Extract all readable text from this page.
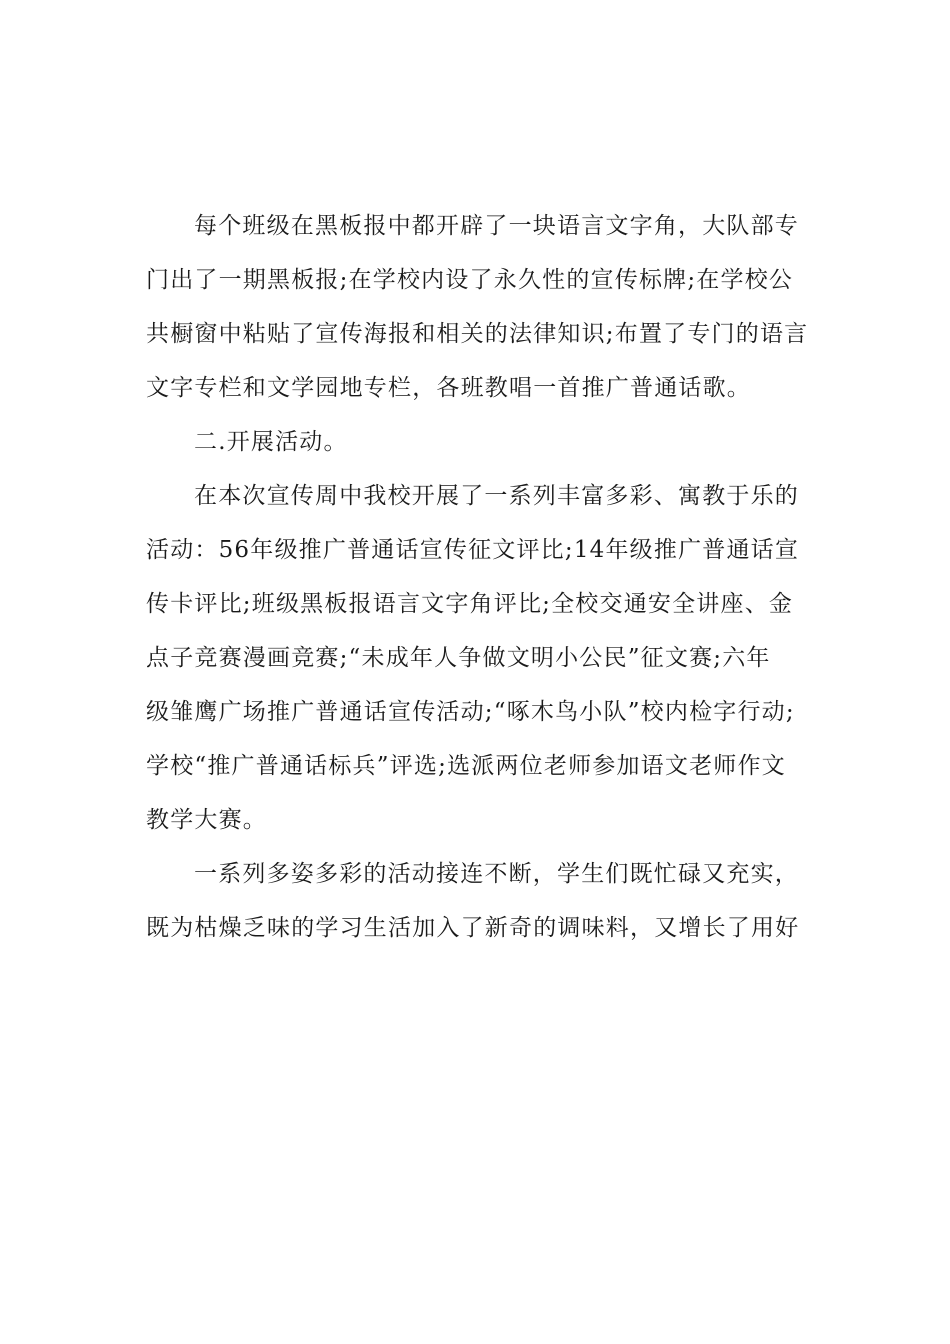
每个班级在黑板报中都开辟了一块语言文字角，大队部专
门出了一期黑板报;在学校内设了永久性的宣传标牌;在学校公
共橱窗中粘贴了宣传海报和相关的法律知识;布置了专门的语言
文字专栏和文学园地专栏，各班教唱一首推广普通话歌。

二.开展活动。

在本次宣传周中我校开展了一系列丰富多彩、寓教于乐的
活动：56年级推广普通话宣传征文评比;14年级推广普通话宣
传卡评比;班级黑板报语言文字角评比;全校交通安全讲座、金
点子竞赛漫画竞赛;“未成年人争做文明小公民”征文赛;六年
级雏鹰广场推广普通话宣传活动;“啄木鸟小队”校内检字行动;
学校“推广普通话标兵”评选;选派两位老师参加语文老师作文
教学大赛。

一系列多姿多彩的活动接连不断，学生们既忙碌又充实，
既为枯燥乏味的学习生活加入了新奇的调味料，又增长了用好
